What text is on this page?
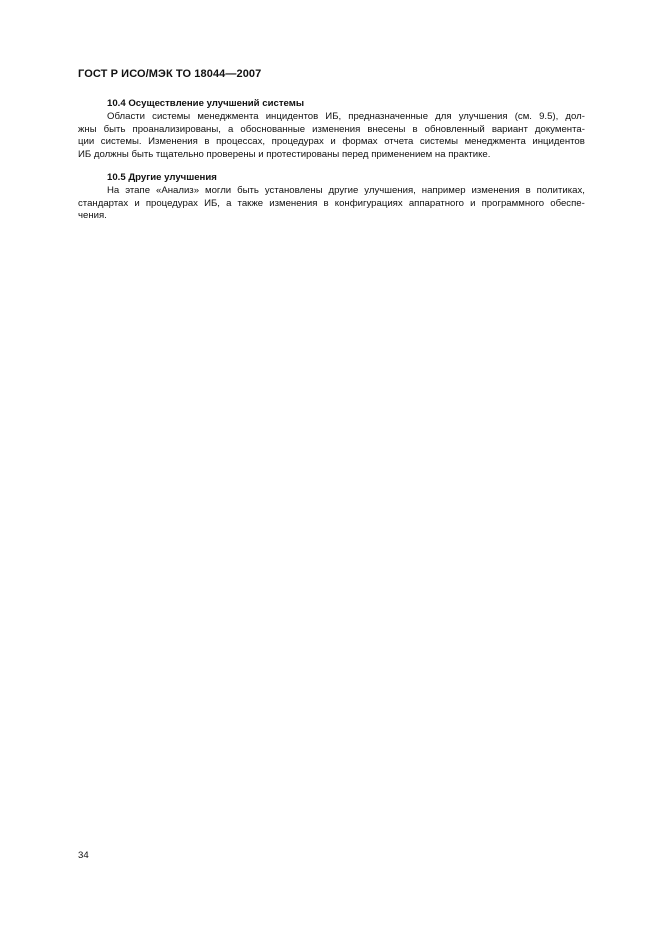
ГОСТ Р ИСО/МЭК ТО 18044—2007
10.4 Осуществление улучшений системы
Области системы менеджмента инцидентов ИБ, предназначенные для улучшения (см. 9.5), дол-
жны быть проанализированы, а обоснованные изменения внесены в обновленный вариант документа-
ции системы. Изменения в процессах, процедурах и формах отчета системы менеджмента инцидентов
ИБ должны быть тщательно проверены и протестированы перед применением на практике.
10.5 Другие улучшения
На этапе «Анализ» могли быть установлены другие улучшения, например изменения в политиках,
стандартах и процедурах ИБ, а также изменения в конфигурациях аппаратного и программного обеспе-
чения.
34
